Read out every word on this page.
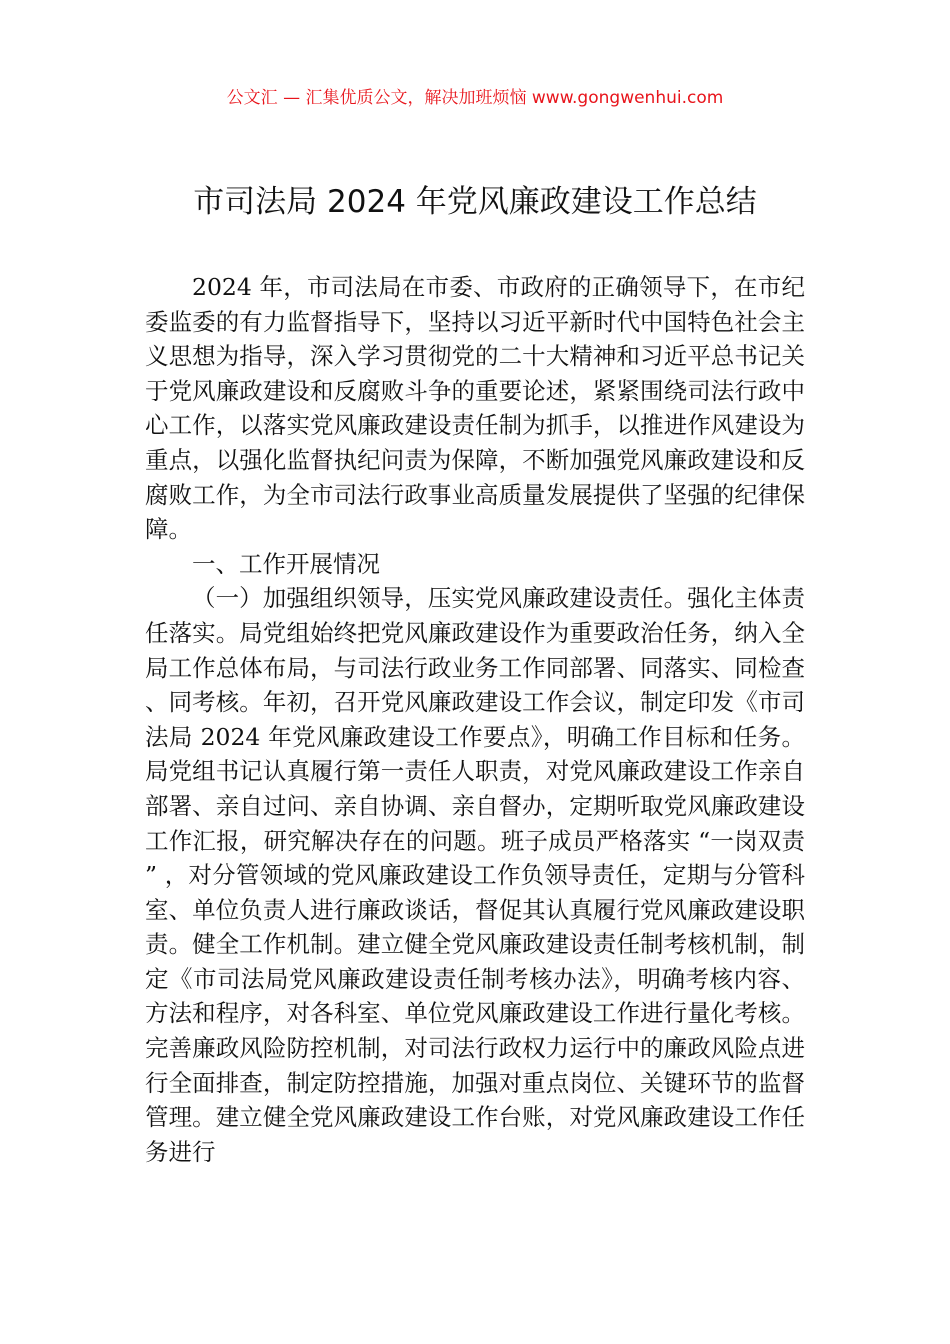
公文汇 — 汇集优质公文，解决加班烦恼 www.gongwenhui.com
市司法局 2024 年党风廉政建设工作总结

2024 年，市司法局在市委、市政府的正确领导下，在市纪委监委的有力监督指导下，坚持以习近平新时代中国特色社会主义思想为指导，深入学习贯彻党的二十大精神和习近平总书记关于党风廉政建设和反腐败斗争的重要论述，紧紧围绕司法行政中心工作，以落实党风廉政建设责任制为抓手，以推进作风建设为重点，以强化监督执纪问责为保障，不断加强党风廉政建设和反腐败工作，为全市司法行政事业高质量发展提供了坚强的纪律保障。

一、工作开展情况

（一）加强组织领导，压实党风廉政建设责任。强化主体责任落实。局党组始终把党风廉政建设作为重要政治任务，纳入全局工作总体布局，与司法行政业务工作同部署、同落实、同检查、同考核。年初，召开党风廉政建设工作会议，制定印发《市司法局 2024 年党风廉政建设工作要点》，明确工作目标和任务。局党组书记认真履行第一责任人职责，对党风廉政建设工作亲自部署、亲自过问、亲自协调、亲自督办，定期听取党风廉政建设工作汇报，研究解决存在的问题。班子成员严格落实 “一岗双责” ，对分管领域的党风廉政建设工作负领导责任，定期与分管科室、单位负责人进行廉政谈话，督促其认真履行党风廉政建设职责。健全工作机制。建立健全党风廉政建设责任制考核机制，制定《市司法局党风廉政建设责任制考核办法》，明确考核内容、方法和程序，对各科室、单位党风廉政建设工作进行量化考核。完善廉政风险防控机制，对司法行政权力运行中的廉政风险点进行全面排查，制定防控措施，加强对重点岗位、关键环节的监督管理。建立健全党风廉政建设工作台账，对党风廉政建设工作任务进行
